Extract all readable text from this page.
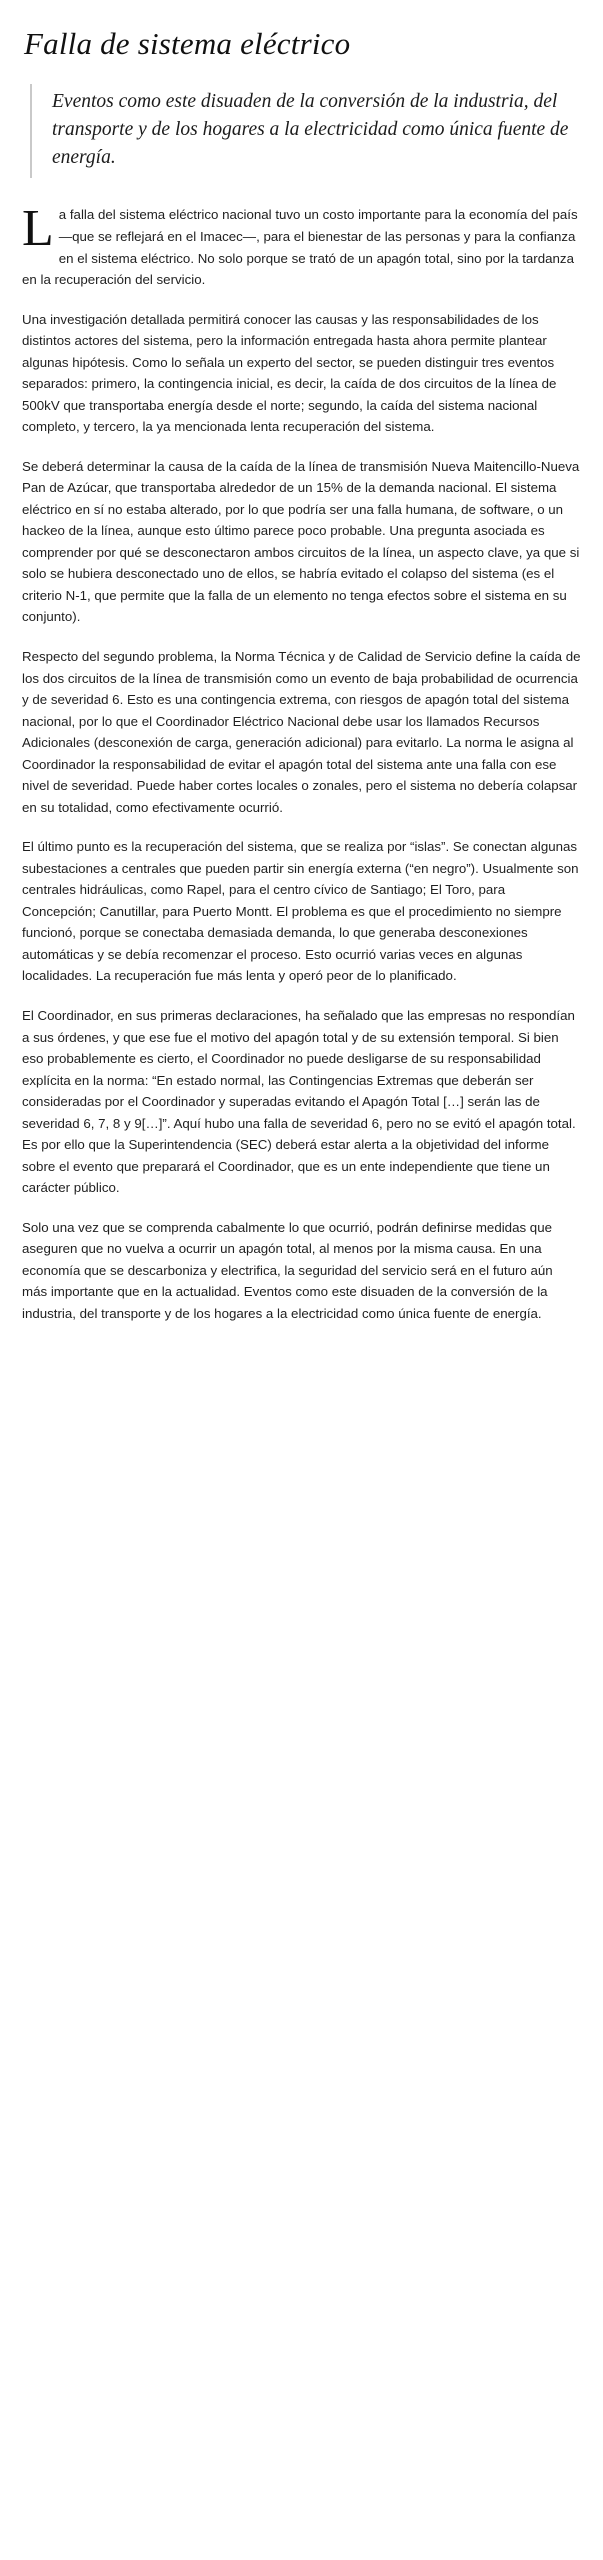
Falla de sistema eléctrico

Eventos como este disuaden de la conversión de la industria, del transporte y de los hogares a la electricidad como única fuente de energía.

La falla del sistema eléctrico nacional tuvo un costo importante para la economía del país —que se reflejará en el Imacec—, para el bienestar de las personas y para la confianza en el sistema eléctrico. No solo porque se trató de un apagón total, sino por la tardanza en la recuperación del servicio.

Una investigación detallada permitirá conocer las causas y las responsabilidades de los distintos actores del sistema, pero la información entregada hasta ahora permite plantear algunas hipótesis. Como lo señala un experto del sector, se pueden distinguir tres eventos separados: primero, la contingencia inicial, es decir, la caída de dos circuitos de la línea de 500kV que transportaba energía desde el norte; segundo, la caída del sistema nacional completo, y tercero, la ya mencionada lenta recuperación del sistema.

Se deberá determinar la causa de la caída de la línea de transmisión Nueva Maitencillo-Nueva Pan de Azúcar, que transportaba alrededor de un 15% de la demanda nacional. El sistema eléctrico en sí no estaba alterado, por lo que podría ser una falla humana, de software, o un hackeo de la línea, aunque esto último parece poco probable. Una pregunta asociada es comprender por qué se desconectaron ambos circuitos de la línea, un aspecto clave, ya que si solo se hubiera desconectado uno de ellos, se habría evitado el colapso del sistema (es el criterio N-1, que permite que la falla de un elemento no tenga efectos sobre el sistema en su conjunto).

Respecto del segundo problema, la Norma Técnica y de Calidad de Servicio define la caída de los dos circuitos de la línea de transmisión como un evento de baja probabilidad de ocurrencia y de severidad 6. Esto es una contingencia extrema, con riesgos de apagón total del sistema nacional, por lo que el Coordinador Eléctrico Nacional debe usar los llamados Recursos Adicionales (desconexión de carga, generación adicional) para evitarlo. La norma le asigna al Coordinador la responsabilidad de evitar el apagón total del sistema ante una falla con ese nivel de severidad. Puede haber cortes locales o zonales, pero el sistema no debería colapsar en su totalidad, como efectivamente ocurrió.

El último punto es la recuperación del sistema, que se realiza por “islas”. Se conectan algunas subestaciones a centrales que pueden partir sin energía externa (“en negro”). Usualmente son centrales hidráulicas, como Rapel, para el centro cívico de Santiago; El Toro, para Concepción; Canutillar, para Puerto Montt. El problema es que el procedimiento no siempre funcionó, porque se conectaba demasiada demanda, lo que generaba desconexiones automáticas y se debía recomenzar el proceso. Esto ocurrió varias veces en algunas localidades. La recuperación fue más lenta y operó peor de lo planificado.

El Coordinador, en sus primeras declaraciones, ha señalado que las empresas no respondían a sus órdenes, y que ese fue el motivo del apagón total y de su extensión temporal. Si bien eso probablemente es cierto, el Coordinador no puede desligarse de su responsabilidad explícita en la norma: “En estado normal, las Contingencias Extremas que deberán ser consideradas por el Coordinador y superadas evitando el Apagón Total […] serán las de severidad 6, 7, 8 y 9[…]”. Aquí hubo una falla de severidad 6, pero no se evitó el apagón total. Es por ello que la Superintendencia (SEC) deberá estar alerta a la objetividad del informe sobre el evento que preparará el Coordinador, que es un ente independiente que tiene un carácter público.

Solo una vez que se comprenda cabalmente lo que ocurrió, podrán definirse medidas que aseguren que no vuelva a ocurrir un apagón total, al menos por la misma causa. En una economía que se descarboniza y electrifica, la seguridad del servicio será en el futuro aún más importante que en la actualidad. Eventos como este disuaden de la conversión de la industria, del transporte y de los hogares a la electricidad como única fuente de energía.
